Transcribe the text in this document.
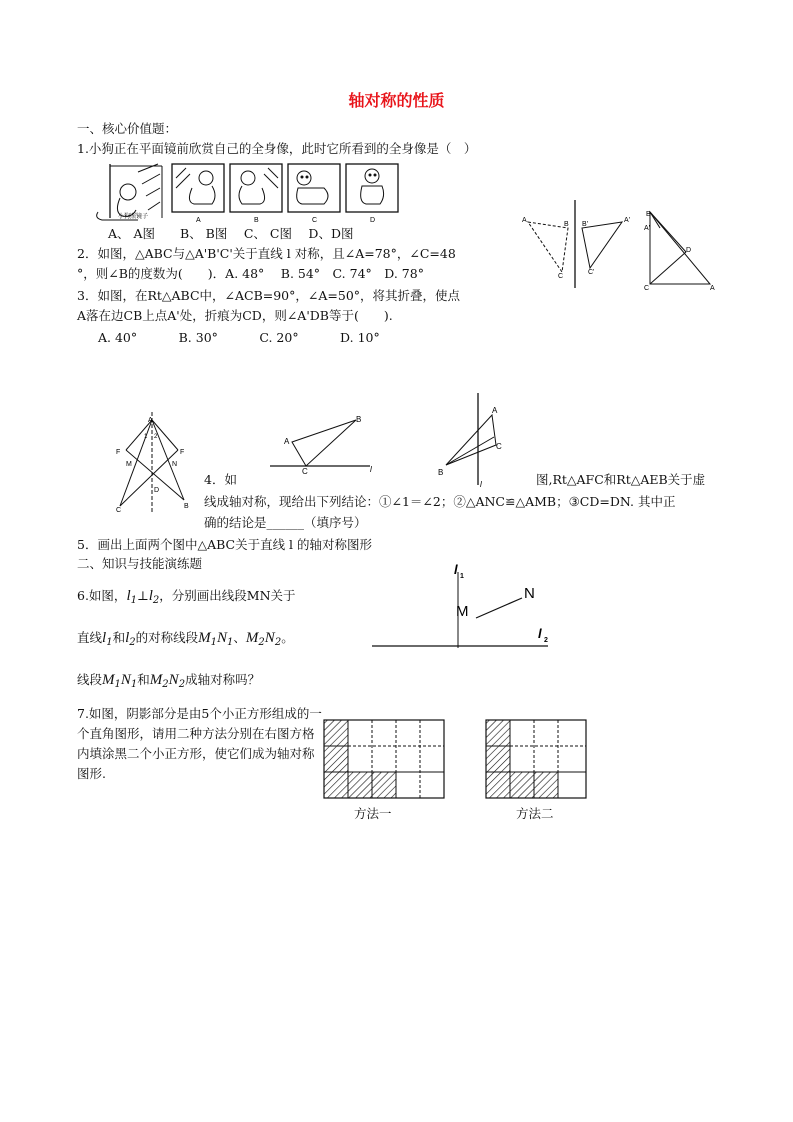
轴对称的性质
一、核心价值题：
1.小狗正在平面镜前欣赏自己的全身像，此时它所看到的全身像是（　）
小狗照镜子	A	B	C	D
A、 A图　　B、 B图　 C、 C图　 D、D图
2．如图，△ABC与△A'B'C'关于直线 l 对称，且∠A=78°，∠C=48
°，则∠B的度数为(　　)．A. 48°　 B. 54°　C. 74°　D. 78°
3．如图，在Rt△ABC中，∠ACB=90°，∠A=50°，将其折叠，使点
A落在边CB上点A'处，折痕为CD，则∠A'DB等于(　　).
A. 40°　　　 B. 30°　　　 C. 20°　　　 D. 10°
A
B
C
A'
B'
C'
B
A'
D
C	A
A
F	F
M	N
D
C
B
1 2	A
B
C	l	B
A
C
l
4．如	图,Rt△AFC和Rt△AEB关于虚
线成轴对称，现给出下列结论：①∠1＝∠2；②△ANC≌△AMB；③CD=DN. 其中正
确的结论是______（填序号）
5．画出上面两个图中△ABC关于直线 l 的轴对称图形
二、知识与技能演练题
6.如图，$l_1\perp l_2$，分别画出线段MN关于
直线$l_1$和$l_2$的对称线段$M_1N_1$、$M_2N_2$。
线段$M_1N_1$和$M_2N_2$成轴对称吗？
l 1
l 2
M
N
7.如图，阴影部分是由5个小正方形组成的一个直角图形，请用二种方法分别在右图方格内填涂黑二个小正方形，使它们成为轴对称图形.
方法一	方法二
